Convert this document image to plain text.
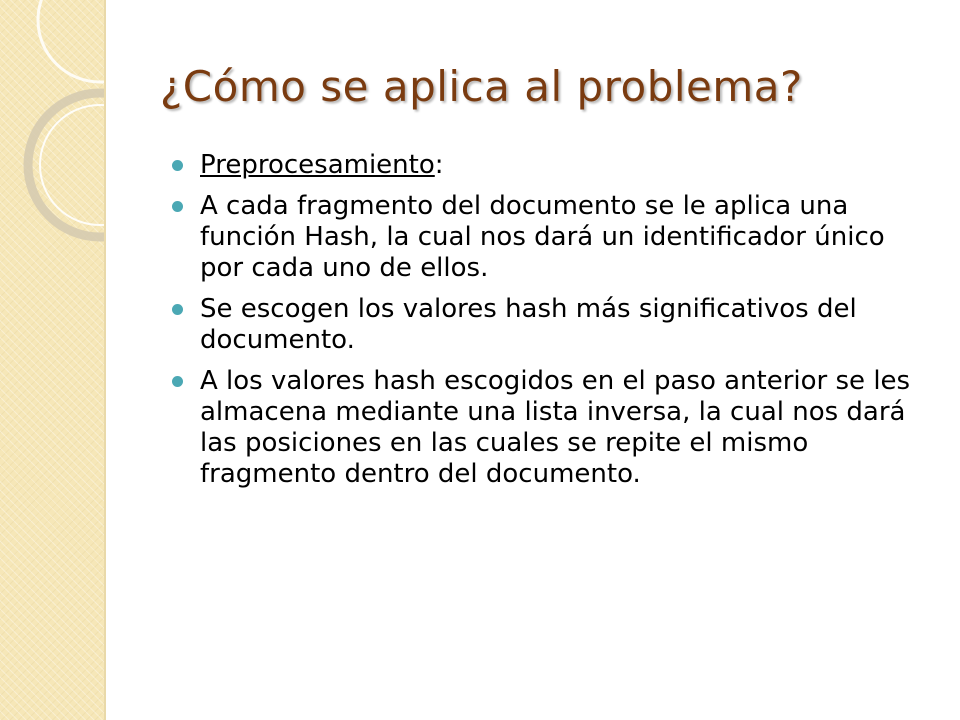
¿Cómo se aplica al problema?
Preprocesamiento:
A cada fragmento del documento se le aplica una función Hash, la cual nos dará un identificador único por cada uno de ellos.
Se escogen los valores hash más significativos del documento.
A los valores hash escogidos en el paso anterior se les almacena mediante una lista inversa, la cual nos dará las posiciones en las cuales se repite el mismo fragmento dentro del documento.
